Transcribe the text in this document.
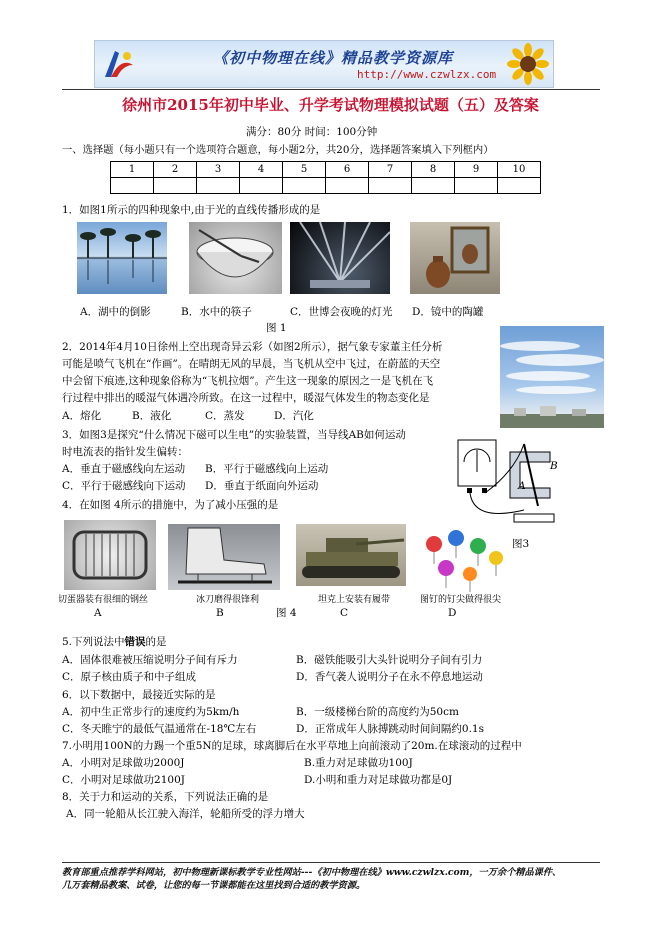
《初中物理在线》精品教学资源库
http://www.czwlzx.com
徐州市2015年初中毕业、升学考试物理模拟试题（五）及答案
满分：80分 时间：100分钟
一、选择题（每小题只有一个选项符合题意，每小题2分，共20分，选择题答案填入下列框内）
1	2	3	4	5	6	7	8	9	10

1．如图1所示的四种现象中,由于光的直线传播形成的是
A．湖中的倒影	B．水中的筷子	C．世博会夜晚的灯光 D．镜中的陶罐
图 1
2．2014年4月10日徐州上空出现奇异云彩（如图2所示），据气象专家董主任分析
可能是喷气飞机在“作画”。在晴朗无风的早晨，当飞机从空中飞过，在蔚蓝的天空
中会留下痕迹,这种现象俗称为“飞机拉烟”。产生这一现象的原因之一是飞机在飞
行过程中排出的暖湿气体遇冷所致。在这一过程中，暖湿气体发生的物态变化是
A．熔化	B．液化	C．蒸发	D．汽化
3．如图3是探究“什么情况下磁可以生电”的实验装置，当导线AB如何运动
时电流表的指针发生偏转：
A．垂直于磁感线向左运动 B．平行于磁感线向上运动
C．平行于磁感线向下运动 D．垂直于纸面向外运动	A
B
图3
4．在如图 4所示的措施中，为了减小压强的是
切蛋器装有很细的钢丝	冰刀磨得很锋利	坦克上安装有履带	图钉的钉尖做得很尖
A	B	C	D
图 4
5.下列说法中错误的是
A．固体很难被压缩说明分子间有斥力	B．磁铁能吸引大头针说明分子间有引力
C．原子核由质子和中子组成	D．香气袭人说明分子在永不停息地运动
6．以下数据中，最接近实际的是
A．初中生正常步行的速度约为5km/h	B．一级楼梯台阶的高度约为50cm
C．冬天睢宁的最低气温通常在-18℃左右	D．正常成年人脉搏跳动时间间隔约0.1s
7.小明用100N的力踢一个重5N的足球，球离脚后在水平草地上向前滚动了20m.在球滚动的过程中
A．小明对足球做功2000J	B.重力对足球做功100J
C．小明对足球做功2100J	D.小明和重力对足球做功都是0J
8．关于力和运动的关系，下列说法正确的是
A．同一轮船从长江驶入海洋，轮船所受的浮力增大
教育部重点推荐学科网站，初中物理新课标教学专业性网站---《初中物理在线》www.czwlzx.com，一万余个精品课件、
几万套精品教案、试卷，让您的每一节课都能在这里找到合适的教学资源。
